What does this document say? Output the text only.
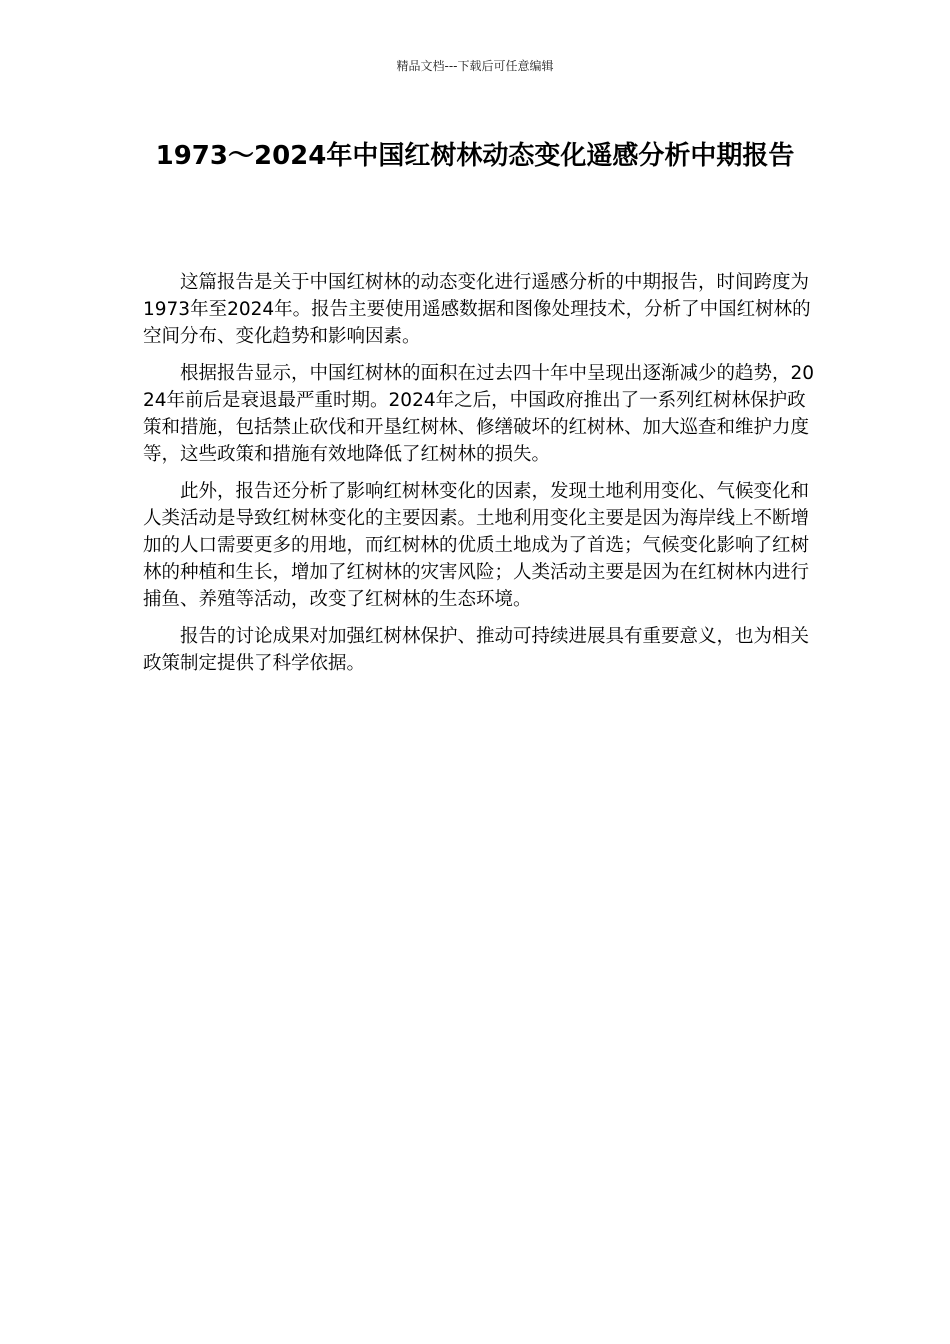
精品文档---下载后可任意编辑
1973～2024年中国红树林动态变化遥感分析中期报告

这篇报告是关于中国红树林的动态变化进行遥感分析的中期报告，时间跨度为1973年至2024年。报告主要使用遥感数据和图像处理技术，分析了中国红树林的空间分布、变化趋势和影响因素。

根据报告显示，中国红树林的面积在过去四十年中呈现出逐渐减少的趋势，2024年前后是衰退最严重时期。2024年之后，中国政府推出了一系列红树林保护政策和措施，包括禁止砍伐和开垦红树林、修缮破坏的红树林、加大巡查和维护力度等，这些政策和措施有效地降低了红树林的损失。

此外，报告还分析了影响红树林变化的因素，发现土地利用变化、气候变化和人类活动是导致红树林变化的主要因素。土地利用变化主要是因为海岸线上不断增加的人口需要更多的用地，而红树林的优质土地成为了首选；气候变化影响了红树林的种植和生长，增加了红树林的灾害风险；人类活动主要是因为在红树林内进行捕鱼、养殖等活动，改变了红树林的生态环境。

报告的讨论成果对加强红树林保护、推动可持续进展具有重要意义，也为相关政策制定提供了科学依据。
